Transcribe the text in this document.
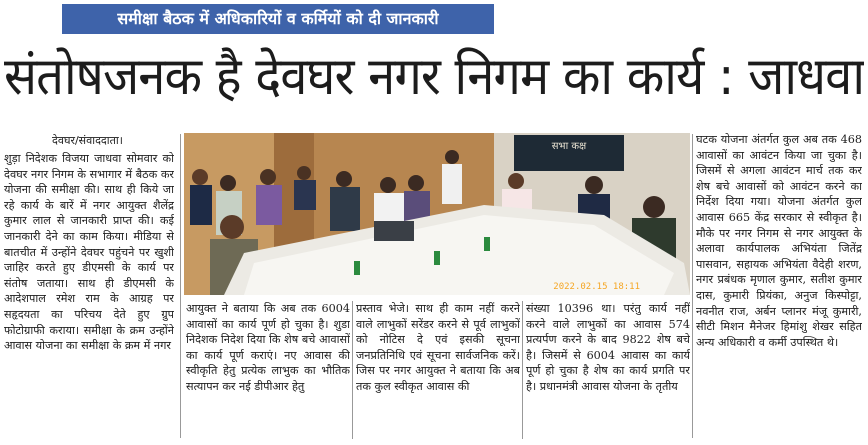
समीक्षा बैठक में अधिकारियों व कर्मियों को दी जानकारी
संतोषजनक है देवघर नगर निगम का कार्य : जाधवा
देवघर/संवाददाता।

शुड़ा निदेशक विजया जाधवा सोमवार को देवघर नगर निगम के सभागार में बैठक कर योजना की समीक्षा की। साथ ही किये जा रहे कार्य के बारें में नगर आयुक्त शैलेंद्र कुमार लाल से जानकारी प्राप्त की। कई जानकारी देने का काम किया। मीडिया से बातचीत में उन्होंने देवघर पहुंचने पर खुशी जाहिर करते हुए डीएमसी के कार्य पर संतोष जताया। साथ ही डीएमसी के आदेशपाल रमेश राम के आग्रह पर सहृदयता का परिचय देते हुए ग्रुप फोटोग्राफी कराया। समीक्षा के क्रम उन्होंने आवास योजना का समीक्षा के क्रम में नगर

आयुक्त ने बताया कि अब तक 6004 आवासों का कार्य पूर्ण हो चुका है। शुडा निदेशक निदेश दिया कि शेष बचे आवासों का कार्य पूर्ण कराएं। नए आवास की स्वीकृति हेतु प्रत्येक लाभुक का भौतिक सत्यापन कर नई डीपीआर हेतु

प्रस्ताव भेजे। साथ ही काम नहीं करने वाले लाभुकों सरेंडर करने से पूर्व लाभुकों को नोटिस दे एवं इसकी सूचना जनप्रतिनिधि एवं सूचना सार्वजनिक करें। जिस पर नगर आयुक्त ने बताया कि अब तक कुल स्वीकृत आवास की

संख्या 10396 था। परंतु कार्य नहीं करने वाले लाभुकों का आवास 574 प्रत्यर्पण करने के बाद 9822 शेष बचे है। जिसमें से 6004 आवास का कार्य पूर्ण हो चुका है शेष का कार्य प्रगति पर है। प्रधानमंत्री आवास योजना के तृतीय

घटक योजना अंतर्गत कुल अब तक 468 आवासों का आवंटन किया जा चुका है। जिसमें से अगला आवंटन मार्च तक कर शेष बचे आवासों को आवंटन करने का निर्देश दिया गया। योजना अंतर्गत कुल आवास 665 केंद्र सरकार से स्वीकृत है। मौके पर नगर निगम से नगर आयुक्त के अलावा कार्यपालक अभियंता जितेंद्र पासवान, सहायक अभियंता वैदेही शरण, नगर प्रबंधक मृणाल कुमार, सतीश कुमार दास, कुमारी प्रियंका, अनुज किस्पोट्टा, नवनीत राज, अर्बन प्लानर मंजू कुमारी, सीटी मिशन मैनेजर हिमांशु शेखर सहित अन्य अधिकारी व कर्मी उपस्थित थे।

सभा कक्ष
2022.02.15 18:11
